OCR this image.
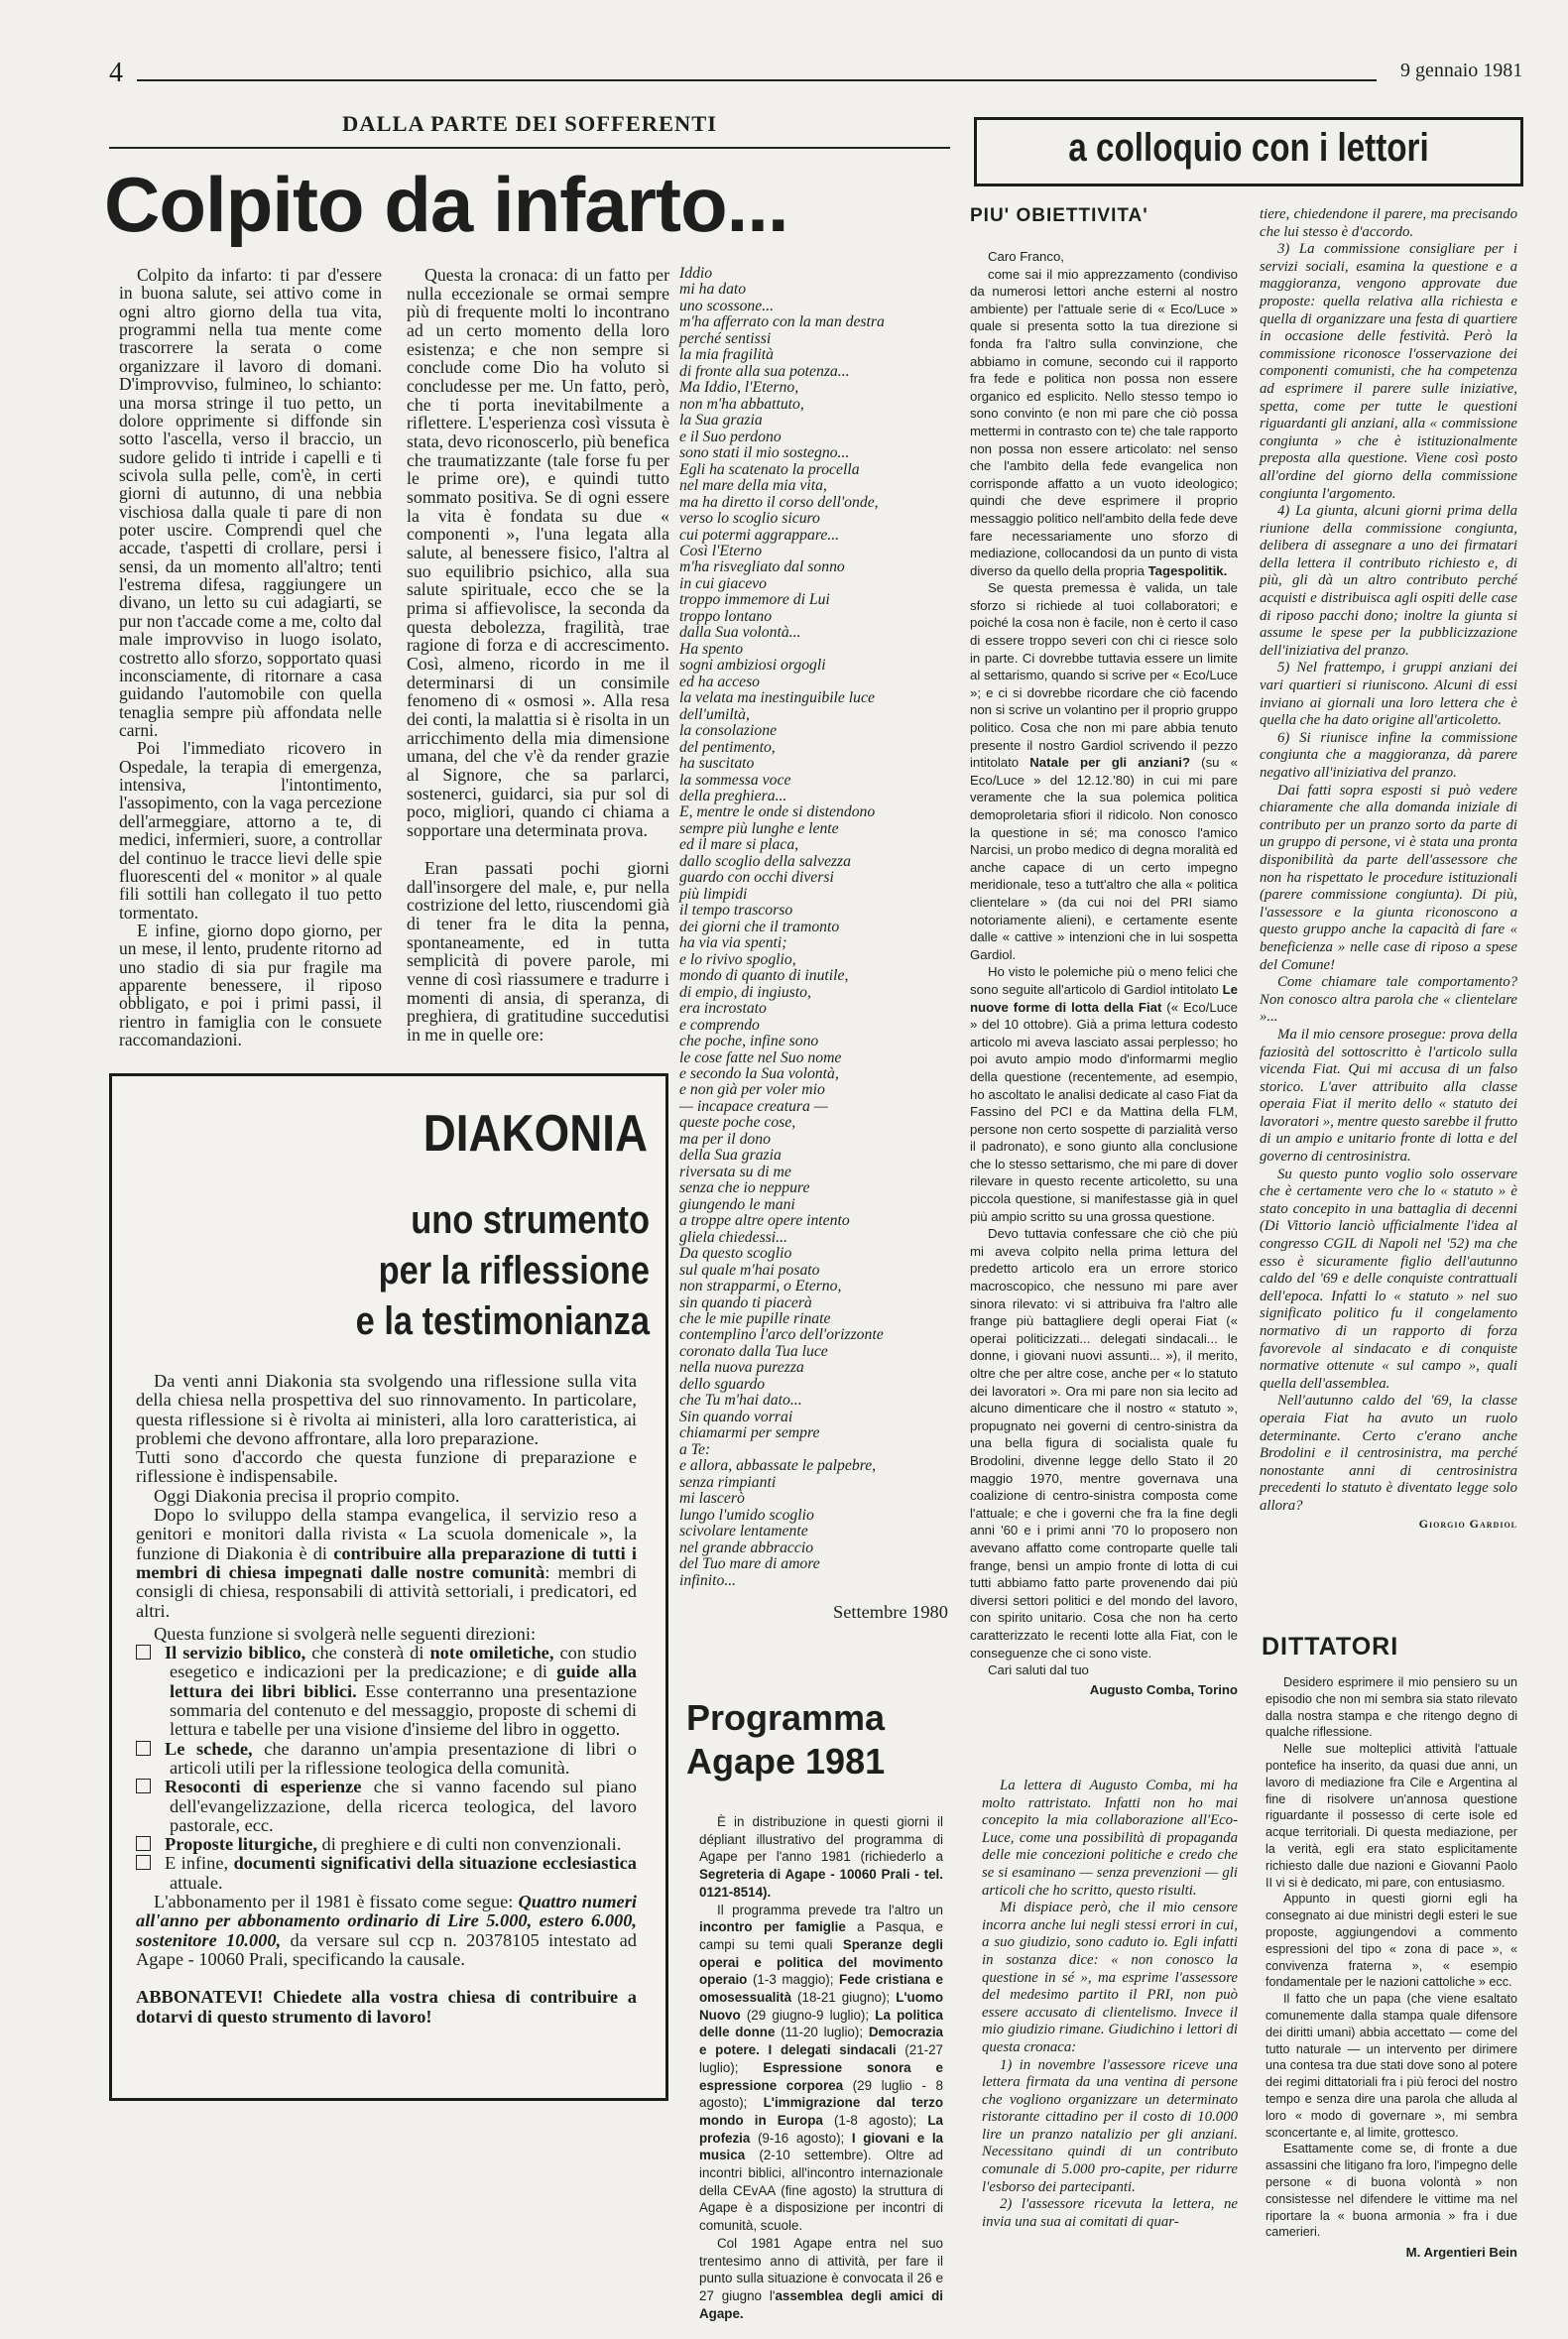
4	9 gennaio 1981
DALLA PARTE DEI SOFFERENTI
Colpito da infarto...

Colpito da infarto: ti par d'essere in buona salute, sei attivo come in ogni altro giorno della tua vita, programmi nella tua mente come trascorrere la serata o come organizzare il lavoro di domani. D'improvviso, fulmineo, lo schianto: una morsa stringe il tuo petto, un dolore opprimente si diffonde sin sotto l'ascella, verso il braccio, un sudore gelido ti intride i capelli e ti scivola sulla pelle, com'è, in certi giorni di autunno, di una nebbia vischiosa dalla quale ti pare di non poter uscire. Comprendi quel che accade, t'aspetti di crollare, persi i sensi, da un momento all'altro; tenti l'estrema difesa, raggiungere un divano, un letto su cui adagiarti, se pur non t'accade come a me, colto dal male improvviso in luogo isolato, costretto allo sforzo, sopportato quasi inconsciamente, di ritornare a casa guidando l'automobile con quella tenaglia sempre più affondata nelle carni.

Poi l'immediato ricovero in Ospedale, la terapia di emergenza, intensiva, l'intontimento, l'assopimento, con la vaga percezione dell'armeggiare, attorno a te, di medici, infermieri, suore, a controllar del continuo le tracce lievi delle spie fluorescenti del « monitor » al quale fili sottili han collegato il tuo petto tormentato.

E infine, giorno dopo giorno, per un mese, il lento, prudente ritorno ad uno stadio di sia pur fragile ma apparente benessere, il riposo obbligato, e poi i primi passi, il rientro in famiglia con le consuete raccomandazioni.

Questa la cronaca: di un fatto per nulla eccezionale se ormai sempre più di frequente molti lo incontrano ad un certo momento della loro esistenza; e che non sempre si conclude come Dio ha voluto si concludesse per me. Un fatto, però, che ti porta inevitabilmente a riflettere. L'esperienza così vissuta è stata, devo riconoscerlo, più benefica che traumatizzante (tale forse fu per le prime ore), e quindi tutto sommato positiva. Se di ogni essere la vita è fondata su due « componenti », l'una legata alla salute, al benessere fisico, l'altra al suo equilibrio psichico, alla sua salute spirituale, ecco che se la prima si affievolisce, la seconda da questa debolezza, fragilità, trae ragione di forza e di accrescimento. Così, almeno, ricordo in me il determinarsi di un consimile fenomeno di « osmosi ». Alla resa dei conti, la malattia si è risolta in un arricchimento della mia dimensione umana, del che v'è da render grazie al Signore, che sa parlarci, sostenerci, guidarci, sia pur sol di poco, migliori, quando ci chiama a sopportare una determinata prova.

Eran passati pochi giorni dall'insorgere del male, e, pur nella costrizione del letto, riuscendomi già di tener fra le dita la penna, spontaneamente, ed in tutta semplicità di povere parole, mi venne di così riassumere e tradurre i momenti di ansia, di speranza, di preghiera, di gratitudine succedutisi in me in quelle ore:

Iddio

mi ha dato

uno scossone...

m'ha afferrato con la man destra

perché sentissi

la mia fragilità

di fronte alla sua potenza...

Ma Iddio, l'Eterno,

non m'ha abbattuto,

la Sua grazia

e il Suo perdono

sono stati il mio sostegno...

Egli ha scatenato la procella

nel mare della mia vita,

ma ha diretto il corso dell'onde,

verso lo scoglio sicuro

cui potermi aggrappare...

Così l'Eterno

m'ha risvegliato dal sonno

in cui giacevo

troppo immemore di Lui

troppo lontano

dalla Sua volontà...

Ha spento

sogni ambiziosi orgogli

ed ha acceso

la velata ma inestinguibile luce

dell'umiltà,

la consolazione

del pentimento,

ha suscitato

la sommessa voce

della preghiera...

E, mentre le onde si distendono

sempre più lunghe e lente

ed il mare si placa,

dallo scoglio della salvezza

guardo con occhi diversi

più limpidi

il tempo trascorso

dei giorni che il tramonto

ha via via spenti;

e lo rivivo spoglio,

mondo di quanto di inutile,

di empio, di ingiusto,

era incrostato

e comprendo

che poche, infine sono

le cose fatte nel Suo nome

e secondo la Sua volontà,

e non già per voler mio

— incapace creatura —

queste poche cose,

ma per il dono

della Sua grazia

riversata su di me

senza che io neppure

giungendo le mani

a troppe altre opere intento

gliela chiedessi...

Da questo scoglio

sul quale m'hai posato

non strapparmi, o Eterno,

sin quando ti piacerà

che le mie pupille rinate

contemplino l'arco dell'orizzonte

coronato dalla Tua luce

nella nuova purezza

dello sguardo

che Tu m'hai dato...

Sin quando vorrai

chiamarmi per sempre

a Te:

e allora, abbassate le palpebre,

senza rimpianti

mi lascerò

lungo l'umido scoglio

scivolare lentamente

nel grande abbraccio

del Tuo mare di amore

infinito...

Settembre 1980
DIAKONIA
uno strumento
per la riflessione
e la testimonianza

Da venti anni Diakonia sta svolgendo una riflessione sulla vita della chiesa nella prospettiva del suo rinnovamento. In particolare, questa riflessione si è rivolta ai ministeri, alla loro caratteristica, ai problemi che devono affrontare, alla loro preparazione.

Tutti sono d'accordo che questa funzione di preparazione e riflessione è indispensabile.

Oggi Diakonia precisa il proprio compito.

Dopo lo sviluppo della stampa evangelica, il servizio reso a genitori e monitori dalla rivista « La scuola domenicale », la funzione di Diakonia è di contribuire alla preparazione di tutti i membri di chiesa impegnati dalle nostre comunità: membri di consigli di chiesa, responsabili di attività settoriali, i predicatori, ed altri.

Questa funzione si svolgerà nelle seguenti direzioni:

Il servizio biblico, che consterà di note omiletiche, con studio esegetico e indicazioni per la predicazione; e di guide alla lettura dei libri biblici. Esse conterranno una presentazione sommaria del contenuto e del messaggio, proposte di schemi di lettura e tabelle per una visione d'insieme del libro in oggetto.

Le schede, che daranno un'ampia presentazione di libri o articoli utili per la riflessione teologica della comunità.

Resoconti di esperienze che si vanno facendo sul piano dell'evangelizzazione, della ricerca teologica, del lavoro pastorale, ecc.

Proposte liturgiche, di preghiere e di culti non convenzionali.

E infine, documenti significativi della situazione ecclesiastica attuale.

L'abbonamento per il 1981 è fissato come segue: Quattro numeri all'anno per abbonamento ordinario di Lire 5.000, estero 6.000, sostenitore 10.000, da versare sul ccp n. 20378105 intestato ad Agape - 10060 Prali, specificando la causale.

ABBONATEVI! Chiedete alla vostra chiesa di contribuire a dotarvi di questo strumento di lavoro!

Programma
Agape 1981

È in distribuzione in questi giorni il dépliant illustrativo del programma di Agape per l'anno 1981 (richiederlo a Segreteria di Agape - 10060 Prali - tel. 0121-8514).

Il programma prevede tra l'altro un incontro per famiglie a Pasqua, e campi su temi quali Speranze degli operai e politica del movimento operaio (1-3 maggio); Fede cristiana e omosessualità (18-21 giugno); L'uomo Nuovo (29 giugno-9 luglio); La politica delle donne (11-20 luglio); Democrazia e potere. I delegati sindacali (21-27 luglio); Espressione sonora e espressione corporea (29 luglio - 8 agosto); L'immigrazione dal terzo mondo in Europa (1-8 agosto); La profezia (9-16 agosto); I giovani e la musica (2-10 settembre). Oltre ad incontri biblici, all'incontro internazionale della CEvAA (fine agosto) la struttura di Agape è a disposizione per incontri di comunità, scuole.

Col 1981 Agape entra nel suo trentesimo anno di attività, per fare il punto sulla situazione è convocata il 26 e 27 giugno l'assemblea degli amici di Agape.

a colloquio con i lettori
PIU' OBIETTIVITA'

Caro Franco,

come sai il mio apprezzamento (condiviso da numerosi lettori anche esterni al nostro ambiente) per l'attuale serie di « Eco/Luce » quale si presenta sotto la tua direzione si fonda fra l'altro sulla convinzione, che abbiamo in comune, secondo cui il rapporto fra fede e politica non possa non essere organico ed esplicito. Nello stesso tempo io sono convinto (e non mi pare che ciò possa mettermi in contrasto con te) che tale rapporto non possa non essere articolato: nel senso che l'ambito della fede evangelica non corrisponde affatto a un vuoto ideologico; quindi che deve esprimere il proprio messaggio politico nell'ambito della fede deve fare necessariamente uno sforzo di mediazione, collocandosi da un punto di vista diverso da quello della propria Tagespolitik.

Se questa premessa è valida, un tale sforzo si richiede al tuoi collaboratori; e poiché la cosa non è facile, non è certo il caso di essere troppo severi con chi ci riesce solo in parte. Ci dovrebbe tuttavia essere un limite al settarismo, quando si scrive per « Eco/Luce »; e ci si dovrebbe ricordare che ciò facendo non si scrive un volantino per il proprio gruppo politico. Cosa che non mi pare abbia tenuto presente il nostro Gardiol scrivendo il pezzo intitolato Natale per gli anziani? (su « Eco/Luce » del 12.12.'80) in cui mi pare veramente che la sua polemica politica demoproletaria sfiori il ridicolo. Non conosco la questione in sé; ma conosco l'amico Narcisi, un probo medico di degna moralità ed anche capace di un certo impegno meridionale, teso a tutt'altro che alla « politica clientelare » (da cui noi del PRI siamo notoriamente alieni), e certamente esente dalle « cattive » intenzioni che in lui sospetta Gardiol.

Ho visto le polemiche più o meno felici che sono seguite all'articolo di Gardiol intitolato Le nuove forme di lotta della Fiat (« Eco/Luce » del 10 ottobre). Già a prima lettura codesto articolo mi aveva lasciato assai perplesso; ho poi avuto ampio modo d'informarmi meglio della questione (recentemente, ad esempio, ho ascoltato le analisi dedicate al caso Fiat da Fassino del PCI e da Mattina della FLM, persone non certo sospette di parzialità verso il padronato), e sono giunto alla conclusione che lo stesso settarismo, che mi pare di dover rilevare in questo recente articoletto, su una piccola questione, si manifestasse già in quel più ampio scritto su una grossa questione.

Devo tuttavia confessare che ciò che più mi aveva colpito nella prima lettura del predetto articolo era un errore storico macroscopico, che nessuno mi pare aver sinora rilevato: vi si attribuiva fra l'altro alle frange più battagliere degli operai Fiat (« operai politicizzati... delegati sindacali... le donne, i giovani nuovi assunti... »), il merito, oltre che per altre cose, anche per « lo statuto dei lavoratori ». Ora mi pare non sia lecito ad alcuno dimenticare che il nostro « statuto », propugnato nei governi di centro-sinistra da una bella figura di socialista quale fu Brodolini, divenne legge dello Stato il 20 maggio 1970, mentre governava una coalizione di centro-sinistra composta come l'attuale; e che i governi che fra la fine degli anni '60 e i primi anni '70 lo proposero non avevano affatto come controparte quelle tali frange, bensì un ampio fronte di lotta di cui tutti abbiamo fatto parte provenendo dai più diversi settori politici e del mondo del lavoro, con spirito unitario. Cosa che non ha certo caratterizzato le recenti lotte alla Fiat, con le conseguenze che ci sono viste.

Cari saluti dal tuo

Augusto Comba, Torino

La lettera di Augusto Comba, mi ha molto rattristato. Infatti non ho mai concepito la mia collaborazione all'Eco-Luce, come una possibilità di propaganda delle mie concezioni politiche e credo che se si esaminano — senza prevenzioni — gli articoli che ho scritto, questo risulti.

Mi dispiace però, che il mio censore incorra anche lui negli stessi errori in cui, a suo giudizio, sono caduto io. Egli infatti in sostanza dice: « non conosco la questione in sé », ma esprime l'assessore del medesimo partito il PRI, non può essere accusato di clientelismo. Invece il mio giudizio rimane. Giudichino i lettori di questa cronaca:

1) in novembre l'assessore riceve una lettera firmata da una ventina di persone che vogliono organizzare un determinato ristorante cittadino per il costo di 10.000 lire un pranzo natalizio per gli anziani. Necessitano quindi di un contributo comunale di 5.000 pro-capite, per ridurre l'esborso dei partecipanti.

2) l'assessore ricevuta la lettera, ne invia una sua ai comitati di quar-

tiere, chiedendone il parere, ma precisando che lui stesso è d'accordo.

3) La commissione consigliare per i servizi sociali, esamina la questione e a maggioranza, vengono approvate due proposte: quella relativa alla richiesta e quella di organizzare una festa di quartiere in occasione delle festività. Però la commissione riconosce l'osservazione dei componenti comunisti, che ha competenza ad esprimere il parere sulle iniziative, spetta, come per tutte le questioni riguardanti gli anziani, alla « commissione congiunta » che è istituzionalmente preposta alla questione. Viene così posto all'ordine del giorno della commissione congiunta l'argomento.

4) La giunta, alcuni giorni prima della riunione della commissione congiunta, delibera di assegnare a uno dei firmatari della lettera il contributo richiesto e, di più, gli dà un altro contributo perché acquisti e distribuisca agli ospiti delle case di riposo pacchi dono; inoltre la giunta si assume le spese per la pubblicizzazione dell'iniziativa del pranzo.

5) Nel frattempo, i gruppi anziani dei vari quartieri si riuniscono. Alcuni di essi inviano ai giornali una loro lettera che è quella che ha dato origine all'articoletto.

6) Si riunisce infine la commissione congiunta che a maggioranza, dà parere negativo all'iniziativa del pranzo.

Dai fatti sopra esposti si può vedere chiaramente che alla domanda iniziale di contributo per un pranzo sorto da parte di un gruppo di persone, vi è stata una pronta disponibilità da parte dell'assessore che non ha rispettato le procedure istituzionali (parere commissione congiunta). Di più, l'assessore e la giunta riconoscono a questo gruppo anche la capacità di fare « beneficienza » nelle case di riposo a spese del Comune!

Come chiamare tale comportamento? Non conosco altra parola che « clientelare »...

Ma il mio censore prosegue: prova della faziosità del sottoscritto è l'articolo sulla vicenda Fiat. Qui mi accusa di un falso storico. L'aver attribuito alla classe operaia Fiat il merito dello « statuto dei lavoratori », mentre questo sarebbe il frutto di un ampio e unitario fronte di lotta e del governo di centrosinistra.

Su questo punto voglio solo osservare che è certamente vero che lo « statuto » è stato concepito in una battaglia di decenni (Di Vittorio lanciò ufficialmente l'idea al congresso CGIL di Napoli nel '52) ma che esso è sicuramente figlio dell'autunno caldo del '69 e delle conquiste contrattuali dell'epoca. Infatti lo « statuto » nel suo significato politico fu il congelamento normativo di un rapporto di forza favorevole al sindacato e di conquiste normative ottenute « sul campo », quali quella dell'assemblea.

Nell'autunno caldo del '69, la classe operaia Fiat ha avuto un ruolo determinante. Certo c'erano anche Brodolini e il centrosinistra, ma perché nonostante anni di centrosinistra precedenti lo statuto è diventato legge solo allora?

Giorgio Gardiol

DITTATORI

Desidero esprimere il mio pensiero su un episodio che non mi sembra sia stato rilevato dalla nostra stampa e che ritengo degno di qualche riflessione.

Nelle sue molteplici attività l'attuale pontefice ha inserito, da quasi due anni, un lavoro di mediazione fra Cile e Argentina al fine di risolvere un'annosa questione riguardante il possesso di certe isole ed acque territoriali. Di questa mediazione, per la verità, egli era stato esplicitamente richiesto dalle due nazioni e Giovanni Paolo II vi si è dedicato, mi pare, con entusiasmo.

Appunto in questi giorni egli ha consegnato ai due ministri degli esteri le sue proposte, aggiungendovi a commento espressioni del tipo « zona di pace », « convivenza fraterna », « esempio fondamentale per le nazioni cattoliche » ecc.

Il fatto che un papa (che viene esaltato comunemente dalla stampa quale difensore dei diritti umani) abbia accettato — come del tutto naturale — un intervento per dirimere una contesa tra due stati dove sono al potere dei regimi dittatoriali fra i più feroci del nostro tempo e senza dire una parola che alluda al loro « modo di governare », mi sembra sconcertante e, al limite, grottesco.

Esattamente come se, di fronte a due assassini che litigano fra loro, l'impegno delle persone « di buona volontà » non consistesse nel difendere le vittime ma nel riportare la « buona armonia » fra i due camerieri.

M. Argentieri Bein
